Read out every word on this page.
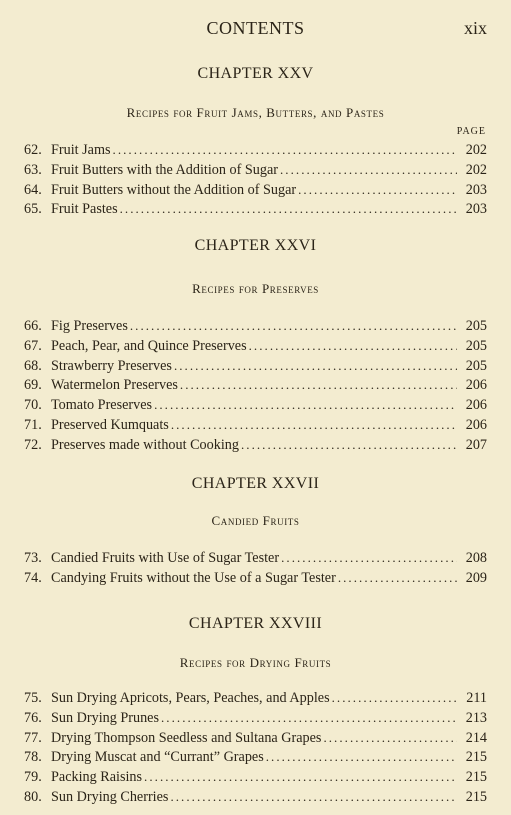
CONTENTS	xix
CHAPTER XXV
Recipes for Fruit Jams, Butters, and Pastes
PAGE
62. Fruit Jams . . .	202
63. Fruit Butters with the Addition of Sugar . . .	202
64. Fruit Butters without the Addition of Sugar . . .	203
65. Fruit Pastes . . .	203
CHAPTER XXVI
Recipes for Preserves
66. Fig Preserves . . .	205
67. Peach, Pear, and Quince Preserves . . .	205
68. Strawberry Preserves . . .	205
69. Watermelon Preserves . . .	206
70. Tomato Preserves . . .	206
71. Preserved Kumquats . . .	206
72. Preserves made without Cooking . . .	207
CHAPTER XXVII
Candied Fruits
73. Candied Fruits with Use of Sugar Tester . . .	208
74. Candying Fruits without the Use of a Sugar Tester . . .	209
CHAPTER XXVIII
Recipes for Drying Fruits
75. Sun Drying Apricots, Pears, Peaches, and Apples . . .	211
76. Sun Drying Prunes . . .	213
77. Drying Thompson Seedless and Sultana Grapes . . .	214
78. Drying Muscat and “Currant” Grapes . . .	215
79. Packing Raisins . . .	215
80. Sun Drying Cherries . . .	215
